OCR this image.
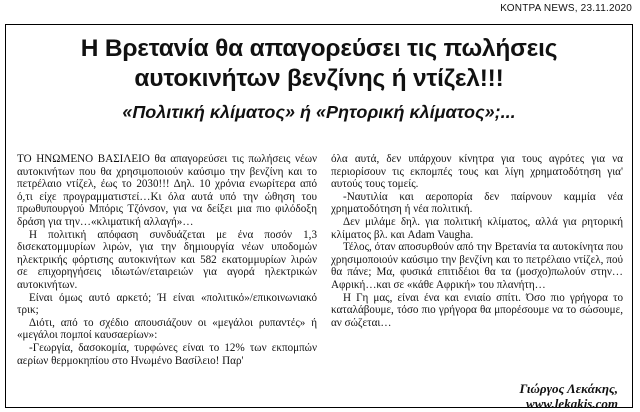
ΚΟΝΤΡΑ NEWS, 23.11.2020
Η Βρετανία θα απαγορεύσει τις πωλήσεις
αυτοκινήτων βενζίνης ή ντίζελ!!!
«Πολιτική κλίματος» ή «Ρητορική κλίματος»;...

ΤΟ ΗΝΩΜΕΝΟ ΒΑΣΙΛΕΙΟ θα απαγορεύσει τις πωλήσεις νέων αυτοκινήτων που θα χρησιμοποιούν καύσιμο την βενζίνη και το πετρέλαιο ντίζελ, έως το 2030!!! Δηλ. 10 χρόνια ενωρίτερα από ό,τι είχε προγραμματιστεί…Κι όλα αυτά υπό την ώθηση του πρωθυπουργού Μπόρις Τζόνσον, για να δείξει μια πιο φιλόδοξη δράση για την…«κλιματική αλλαγή»…

Η πολιτική απόφαση συνδυάζεται με ένα ποσόν 1,3 δισεκατομμυρίων λιρών, για την δημιουργία νέων υποδομών ηλεκτρικής φόρτισης αυτοκινήτων και 582 εκατομμυρίων λιρών σε επιχορηγήσεις ιδιωτών/εταιρειών για αγορά ηλεκτρικών αυτοκινήτων.

Είναι όμως αυτό αρκετό; Ή είναι «πολιτικό»/επικοινωνιακό τρικ;

Διότι, από το σχέδιο απουσιάζουν οι «μεγάλοι ρυπαντές» ή «μεγάλοι πομποί καυσαερίων»:

-Γεωργία, δασοκομία, τυρφώνες είναι το 12% των εκπομπών αερίων θερμοκηπίου στο Ηνωμένο Βασίλειο! Παρ'

όλα αυτά, δεν υπάρχουν κίνητρα για τους αγρότες για να περιορίσουν τις εκπομπές τους και λίγη χρηματοδότηση για' αυτούς τους τομείς.

-Ναυτιλία και αεροπορία δεν παίρνουν καμμία νέα χρηματοδότηση ή νέα πολιτική.

Δεν μιλάμε δηλ. για πολιτική κλίματος, αλλά για ρητορική κλίματος βλ. και Adam Vaugha.

Τέλος, όταν αποσυρθούν από την Βρετανία τα αυτοκίνητα που χρησιμοποιούν καύσιμο την βενζίνη και το πετρέλαιο ντίζελ, πού θα πάνε; Μα, φυσικά επιτιδέιοι θα τα (μοσχο)πωλούν στην…Αφρική…και σε «κάθε Αφρική» του πλανήτη…

Η Γη μας, είναι ένα και ενιαίο σπίτι. Όσο πιο γρήγορα το καταλάβουμε, τόσο πιο γρήγορα θα μπορέσουμε να το σώσουμε, αν σώζεται…

Γιώργος Λεκάκης,
www.lekakis.com
